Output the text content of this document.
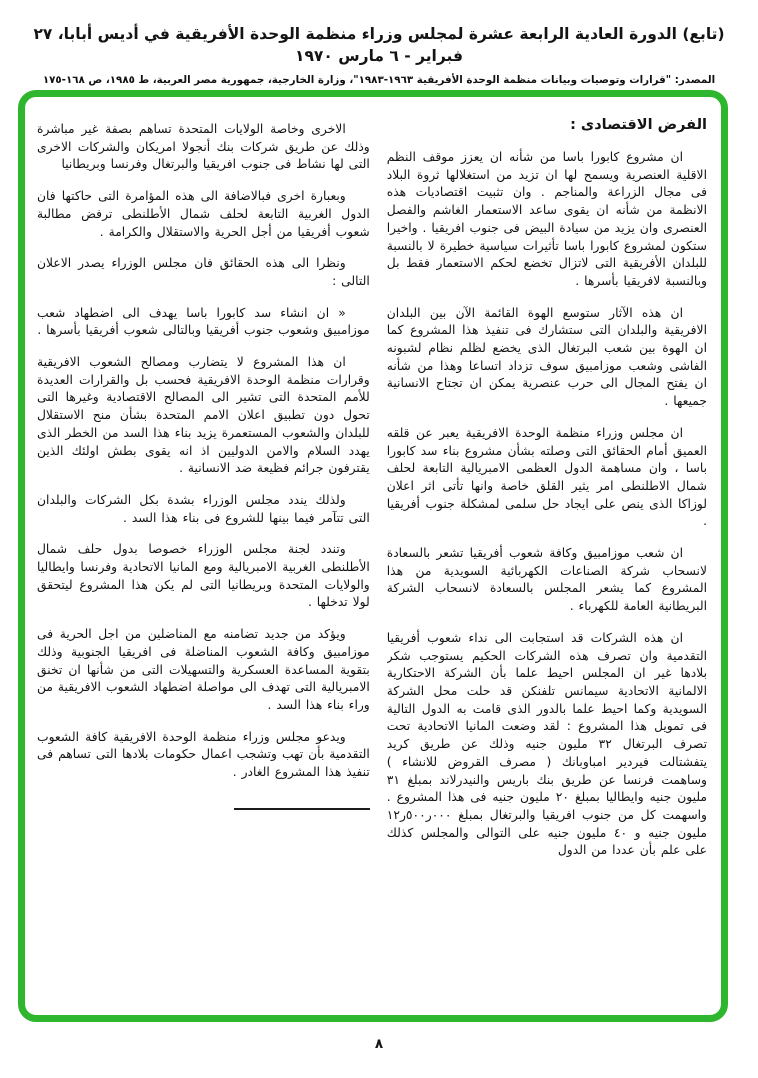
(تابع) الدورة العادية الرابعة عشرة لمجلس وزراء منظمة الوحدة الأفريقية في أديس أبابا، ٢٧ فبراير - ٦ مارس ١٩٧٠
المصدر: "قرارات وتوصيات وبيانات منظمة الوحدة الأفريقية ١٩٦٣-١٩٨٣"، وزارة الخارجية، جمهورية مصر العربية، ط ١٩٨٥، ص ١٦٨-١٧٥
الفرض الاقتصادى :

ان مشروع كابورا باسا من شأنه ان يعزز موقف النظم الاقلية العنصرية ويسمح لها ان تزيد من استغلالها ثروة البلاد فى مجال الزراعة والمناجم . وان تثبيت اقتصاديات هذه الانظمة من شأنه ان يقوى ساعد الاستعمار الغاشم والفصل العنصرى وان يزيد من سيادة البيض فى جنوب افريقيا . واخيرا ستكون لمشروع كابورا باسا تأثيرات سياسية خطيرة لا بالنسبة للبلدان الأفريقية التى لاتزال تخضع لحكم الاستعمار فقط بل وبالنسبة لافريقيا بأسرها .

ان هذه الآثار ستوسع الهوة القائمة الآن بين البلدان الافريقية والبلدان التى ستشارك فى تنفيذ هذا المشروع كما ان الهوة بين شعب البرتغال الذى يخضع لظلم نظام لشبونه الفاشى وشعب موزامبيق سوف تزداد اتساعا وهذا من شأنه ان يفتح المجال الى حرب عنصرية يمكن ان تجتاح الانسانية جميعها .

ان مجلس وزراء منظمة الوحدة الافريقية يعبر عن قلقه العميق أمام الحقائق التى وصلته بشأن مشروع بناء سد كابورا باسا ، وان مساهمة الدول العظمى الامبريالية التابعة لحلف شمال الاطلنطى امر يثير القلق خاصة وانها تأتى اثر اعلان لوزاكا الذى ينص على ايجاد حل سلمى لمشكلة جنوب أفريقيا .

ان شعب موزامبيق وكافة شعوب أفريقيا تشعر بالسعادة لانسحاب شركة الصناعات الكهربائية السويدية من هذا المشروع كما يشعر المجلس بالسعادة لانسحاب الشركة البريطانية العامة للكهرباء .

ان هذه الشركات قد استجابت الى نداء شعوب أفريقيا التقدمية وان تصرف هذه الشركات الحكيم يستوجب شكر بلادها غير ان المجلس احيط علما بأن الشركة الاحتكارية الالمانية الاتحادية سيمانس تلفنكن قد حلت محل الشركة السويدية وكما احيط علما بالدور الذى قامت به الدول التالية فى تمويل هذا المشروع : لقد وضعت المانيا الاتحادية تحت تصرف البرتغال ٣٢ مليون جنيه وذلك عن طريق كريد يتفشتالت فيردير امباوبانك ( مصرف القروض للانشاء ) وساهمت فرنسا عن طريق بنك باريس والنيدرلاند بمبلغ ٣١ مليون جنيه وايطاليا بمبلغ ٢٠ مليون جنيه فى هذا المشروع . واسهمت كل من جنوب افريقيا والبرتغال بمبلغ ٠٠٠ر٥٠٠ر١٢ مليون جنيه و ٤٠ مليون جنيه على التوالى والمجلس كذلك على علم بأن عددا من الدول

الاخرى وخاصة الولايات المتحدة تساهم بصفة غير مباشرة وذلك عن طريق شركات بنك أنجولا امريكان والشركات الاخرى التى لها نشاط فى جنوب افريقيا والبرتغال وفرنسا وبريطانيا

وبعبارة اخرى فبالاضافة الى هذه المؤامرة التى حاكتها فان الدول الغربية التابعة لحلف شمال الأطلنطى ترفض مطالبة شعوب أفريقيا من أجل الحرية والاستقلال والكرامة .

ونظرا الى هذه الحقائق فان مجلس الوزراء يصدر الاعلان التالى :

« ان انشاء سد كابورا باسا يهدف الى اضطهاد شعب موزامبيق وشعوب جنوب أفريقيا وبالتالى شعوب أفريقيا بأسرها .

ان هذا المشروع لا يتضارب ومصالح الشعوب الافريقية وقرارات منظمة الوحدة الافريقية فحسب بل والقرارات العديدة للأمم المتحدة التى تشير الى المصالح الاقتصادية وغيرها التى تحول دون تطبيق اعلان الامم المتحدة بشأن منح الاستقلال للبلدان والشعوب المستعمرة يزيد بناء هذا السد من الخطر الذى يهدد السلام والامن الدوليين اذ انه يقوى بطش اولئك الذين يقترفون جرائم فظيعة ضد الانسانية .

ولذلك يندد مجلس الوزراء بشدة بكل الشركات والبلدان التى تتآمر فيما بينها للشروع فى بناء هذا السد .

وتندد لجنة مجلس الوزراء خصوصا بدول حلف شمال الأطلنطى الغربية الامبريالية ومع المانيا الاتحادية وفرنسا وايطاليا والولايات المتحدة وبريطانيا التى لم يكن هذا المشروع ليتحقق لولا تدخلها .

ويؤكد من جديد تضامنه مع المناضلين من اجل الحرية فى موزامبيق وكافة الشعوب المناضلة فى افريقيا الجنوبية وذلك بتقوية المساعدة العسكرية والتسهيلات التى من شأنها ان تخنق الامبريالية التى تهدف الى مواصلة اضطهاد الشعوب الافريقية من وراء بناء هذا السد .

ويدعو مجلس وزراء منظمة الوحدة الافريقية كافة الشعوب التقدمية بأن تهب وتشجب اعمال حكومات بلادها التى تساهم فى تنفيذ هذا المشروع الغادر .

٨
